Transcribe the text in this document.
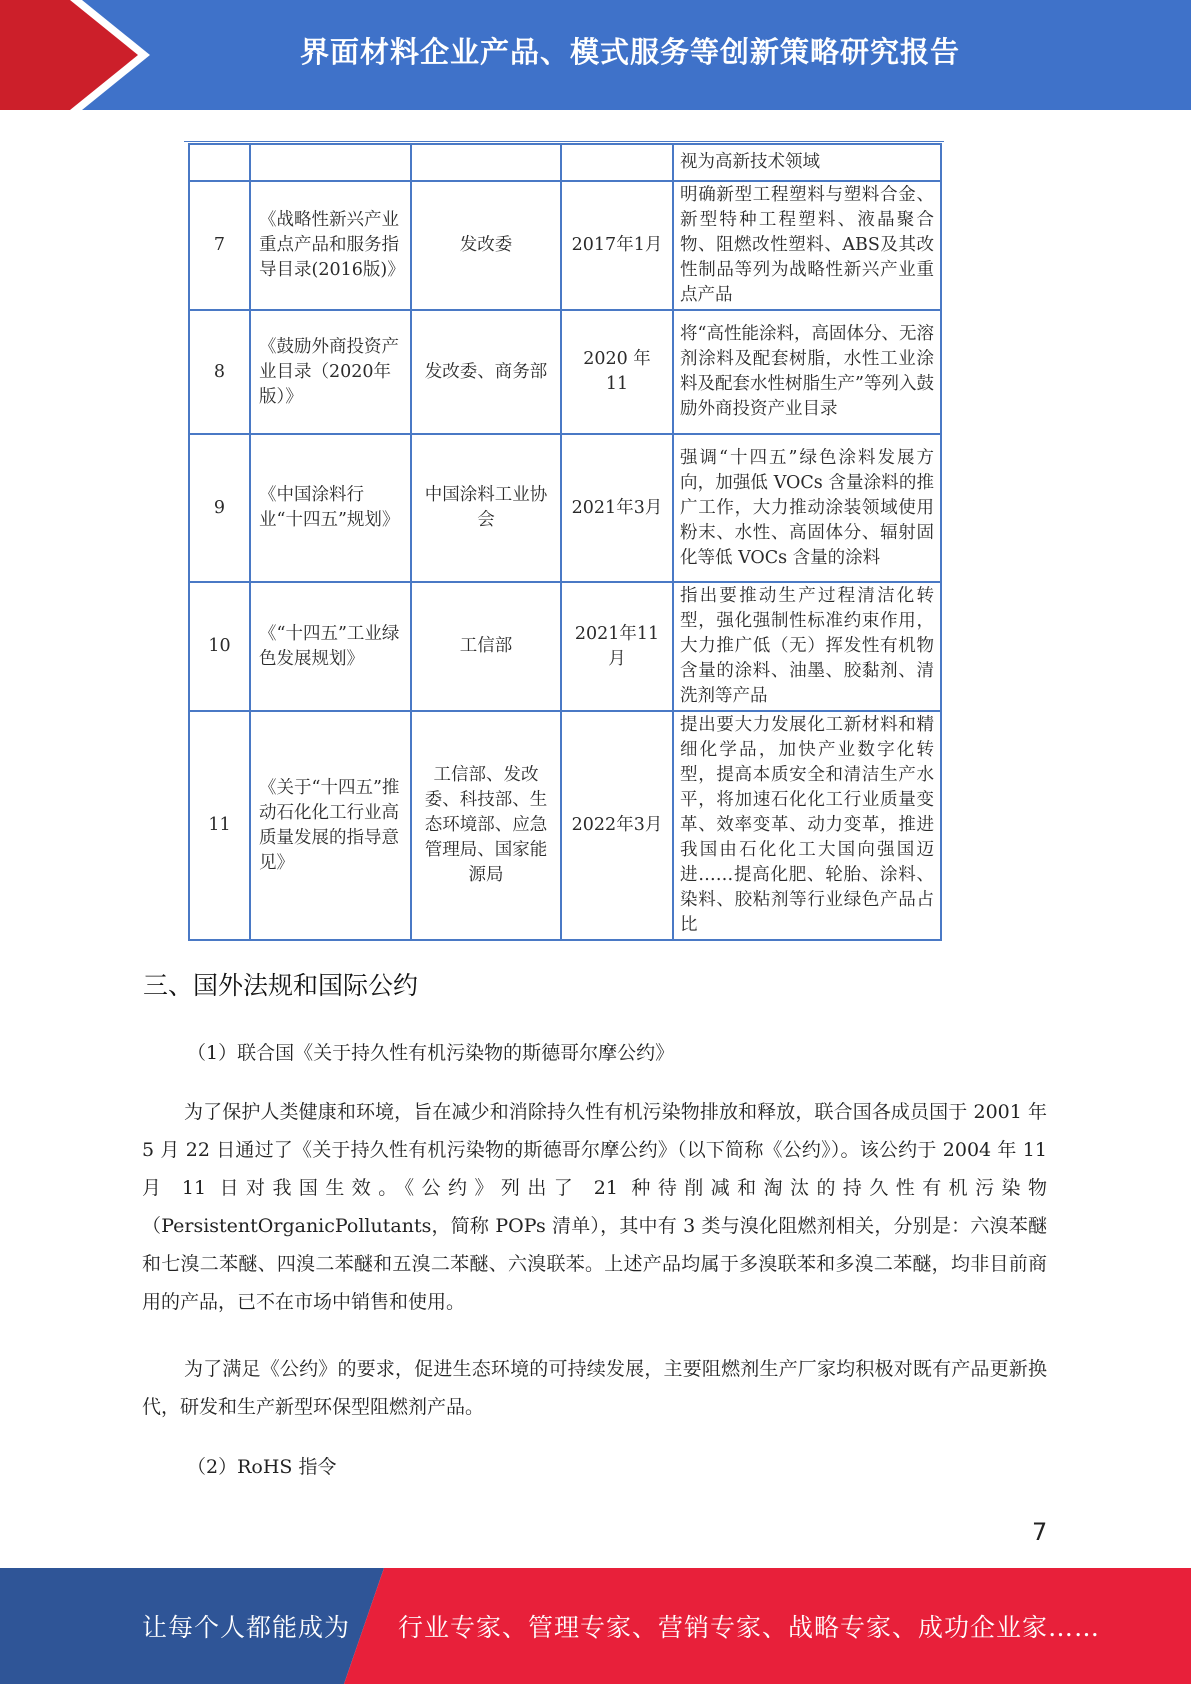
界面材料企业产品、模式服务等创新策略研究报告
				视为高新技术领域
7	《战略性新兴产业重点产品和服务指导目录(2016版)》	发改委	2017年1月	明确新型工程塑料与塑料合金、新型特种工程塑料、液晶聚合物、阻燃改性塑料、ABS及其改性制品等列为战略性新兴产业重点产品
8	《鼓励外商投资产业目录（2020年版）》	发改委、商务部	2020 年 11	将“高性能涂料，高固体分、无溶剂涂料及配套树脂，水性工业涂料及配套水性树脂生产”等列入鼓励外商投资产业目录
9	《中国涂料行业“十四五”规划》	中国涂料工业协会	2021年3月	强调“十四五”绿色涂料发展方向，加强低 VOCs 含量涂料的推广工作，大力推动涂装领域使用粉末、水性、高固体分、辐射固化等低 VOCs 含量的涂料
10	《“十四五”工业绿色发展规划》	工信部	2021年11月	指出要推动生产过程清洁化转型，强化强制性标准约束作用，大力推广低（无）挥发性有机物含量的涂料、油墨、胶黏剂、清洗剂等产品
11	《关于“十四五”推动石化化工行业高质量发展的指导意见》	工信部、发改委、科技部、生态环境部、应急管理局、国家能源局	2022年3月	提出要大力发展化工新材料和精细化学品，加快产业数字化转型，提高本质安全和清洁生产水平，将加速石化化工行业质量变革、效率变革、动力变革，推进我国由石化化工大国向强国迈进……提高化肥、轮胎、涂料、染料、胶粘剂等行业绿色产品占比
三、国外法规和国际公约
（1）联合国《关于持久性有机污染物的斯德哥尔摩公约》

为了保护人类健康和环境，旨在减少和消除持久性有机污染物排放和释放，联合国各成员国于 2001 年 5 月 22 日通过了《关于持久性有机污染物的斯德哥尔摩公约》（以下简称《公约》）。该公约于 2004 年 11 月 11 日对我国生效。《公约》列出了 21 种待削减和淘汰的持久性有机污染物（PersistentOrganicPollutants，简称 POPs 清单），其中有 3 类与溴化阻燃剂相关，分别是：六溴苯醚和七溴二苯醚、四溴二苯醚和五溴二苯醚、六溴联苯。上述产品均属于多溴联苯和多溴二苯醚，均非目前商用的产品，已不在市场中销售和使用。

为了满足《公约》的要求，促进生态环境的可持续发展，主要阻燃剂生产厂家均积极对既有产品更新换代，研发和生产新型环保型阻燃剂产品。

（2）RoHS 指令
7
让每个人都能成为 行业专家、管理专家、营销专家、战略专家、成功企业家……
